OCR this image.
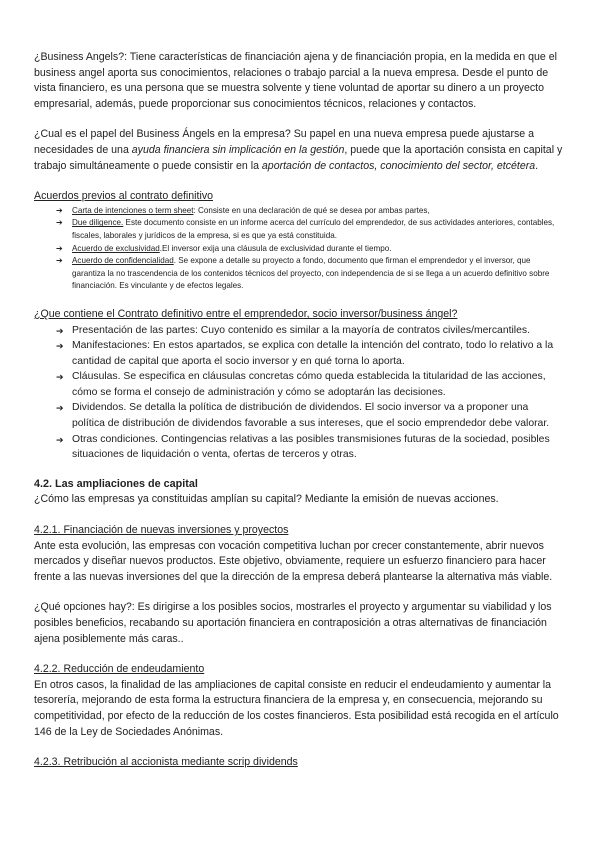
¿Business Angels?: Tiene características de financiación ajena y de financiación propia, en la medida en que el business angel aporta sus conocimientos, relaciones o trabajo parcial a la nueva empresa. Desde el punto de vista financiero, es una persona que se muestra solvente y tiene voluntad de aportar su dinero a un proyecto empresarial, además, puede proporcionar sus conocimientos técnicos, relaciones y contactos.

¿Cual es el papel del Business Ángels en la empresa? Su papel en una nueva empresa puede ajustarse a necesidades de una ayuda financiera sin implicación en la gestión, puede que la aportación consista en capital y trabajo simultáneamente o puede consistir en la aportación de contactos, conocimiento del sector, etcétera.

Acuerdos previos al contrato definitivo

➔ Carta de intenciones o term sheet: Consiste en una declaración de qué se desea por ambas partes,
➔ Due diligence. Este documento consiste en un informe acerca del currículo del emprendedor, de sus actividades anteriores, contables, fiscales, laborales y jurídicos de la empresa, si es que ya está constituida.
➔ Acuerdo de exclusividad.El inversor exija una cláusula de exclusividad durante el tiempo.
➔ Acuerdo de confidencialidad. Se expone a detalle su proyecto a fondo, documento que firman el emprendedor y el inversor, que garantiza la no trascendencia de los contenidos técnicos del proyecto, con independencia de si se llega a un acuerdo definitivo sobre financiación. Es vinculante y de efectos legales.

¿Que contiene el Contrato definitivo entre el emprendedor, socio inversor/business ángel?

➔ Presentación de las partes: Cuyo contenido es similar a la mayoría de contratos civiles/mercantiles.
➔ Manifestaciones: En estos apartados, se explica con detalle la intención del contrato, todo lo relativo a la cantidad de capital que aporta el socio inversor y en qué torna lo aporta.
➔ Cláusulas. Se especifica en cláusulas concretas cómo queda establecida la titularidad de las acciones, cómo se forma el consejo de administración y cómo se adoptarán las decisiones.
➔ Dividendos. Se detalla la política de distribución de dividendos. El socio inversor va a proponer una política de distribución de dividendos favorable a sus intereses, que el socio emprendedor debe valorar.
➔ Otras condiciones. Contingencias relativas a las posibles transmisiones futuras de la sociedad, posibles situaciones de liquidación o venta, ofertas de terceros y otras.
4.2. Las ampliaciones de capital

¿Cómo las empresas ya constituidas amplían su capital? Mediante la emisión de nuevas acciones.

4.2.1. Financiación de nuevas inversiones y proyectos

Ante esta evolución, las empresas con vocación competitiva luchan por crecer constantemente, abrir nuevos mercados y diseñar nuevos productos. Este objetivo, obviamente, requiere un esfuerzo financiero para hacer frente a las nuevas inversiones del que la dirección de la empresa deberá plantearse la alternativa más viable.

¿Qué opciones hay?: Es dirigirse a los posibles socios, mostrarles el proyecto y argumentar su viabilidad y los posibles beneficios, recabando su aportación financiera en contraposición a otras alternativas de financiación ajena posiblemente más caras..

4.2.2. Reducción de endeudamiento

En otros casos, la finalidad de las ampliaciones de capital consiste en reducir el endeudamiento y aumentar la tesorería, mejorando de esta forma la estructura financiera de la empresa y, en consecuencia, mejorando su competitividad, por efecto de la reducción de los costes financieros. Esta posibilidad está recogida en el artículo 146 de la Ley de Sociedades Anónimas.

4.2.3. Retribución al accionista mediante scrip dividends
